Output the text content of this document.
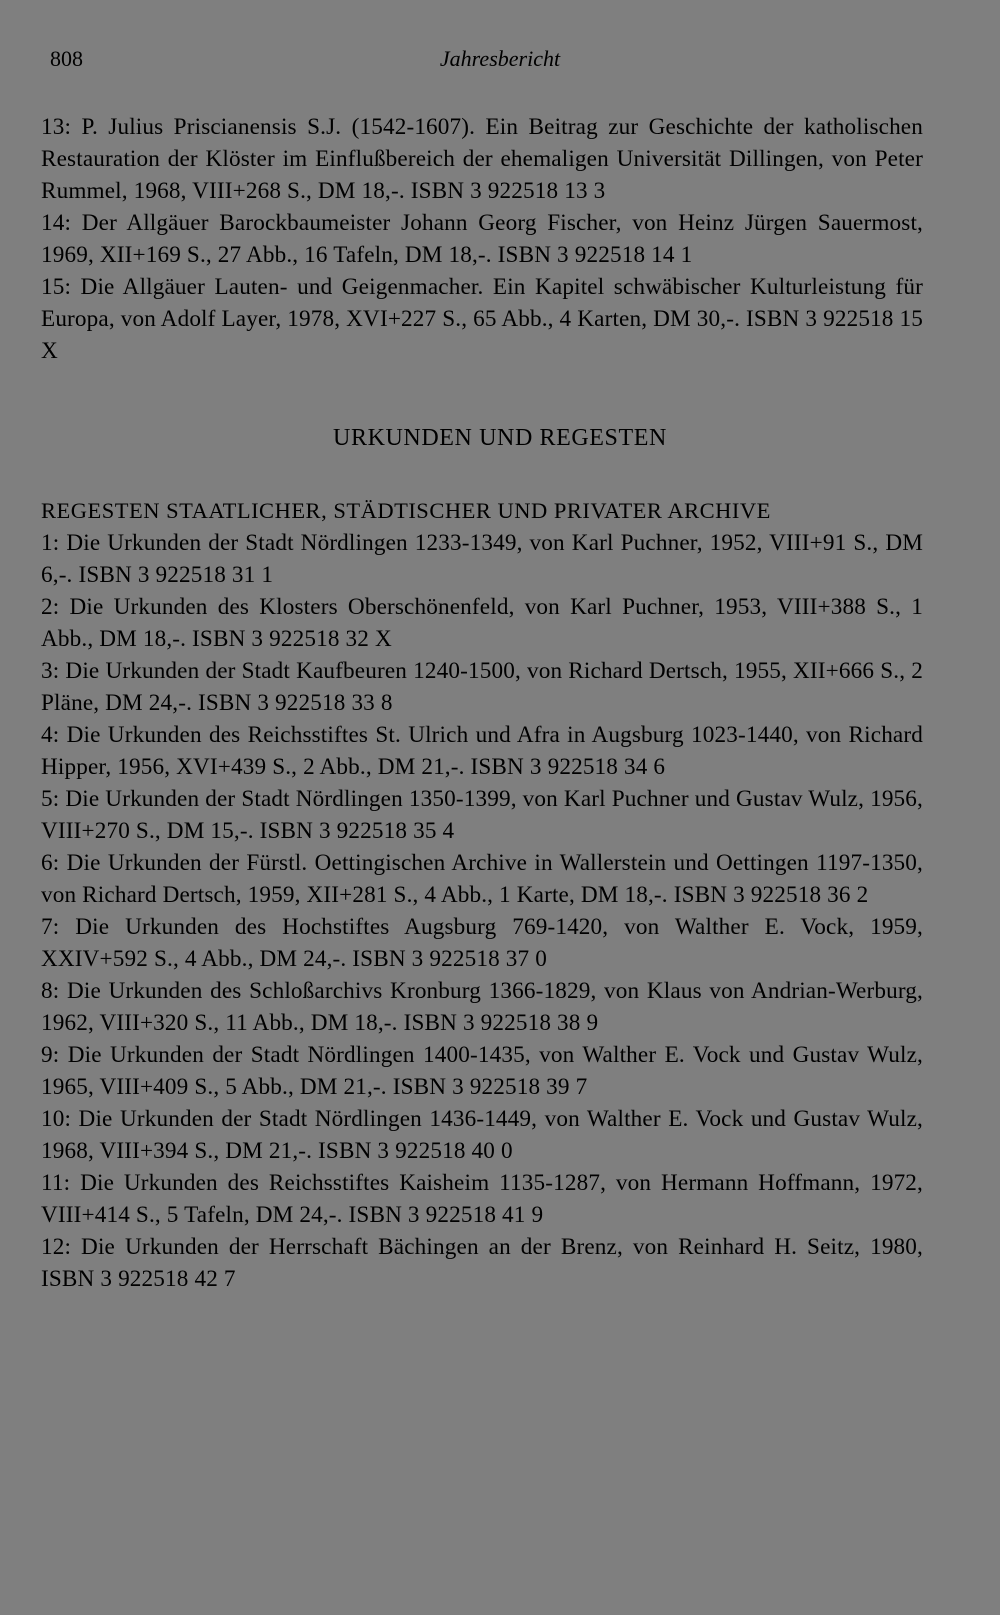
808	Jahresbericht

13: P. Julius Priscianensis S.J. (1542-1607). Ein Beitrag zur Geschichte der katholischen Restauration der Klöster im Einflußbereich der ehemaligen Universität Dillingen, von Peter Rummel, 1968, VIII+268 S., DM 18,-. ISBN 3 922518 13 3

14: Der Allgäuer Barockbaumeister Johann Georg Fischer, von Heinz Jürgen Sauermost, 1969, XII+169 S., 27 Abb., 16 Tafeln, DM 18,-. ISBN 3 922518 14 1

15: Die Allgäuer Lauten- und Geigenmacher. Ein Kapitel schwäbischer Kulturleistung für Europa, von Adolf Layer, 1978, XVI+227 S., 65 Abb., 4 Karten, DM 30,-. ISBN 3 922518 15 X

URKUNDEN UND REGESTEN
REGESTEN STAATLICHER, STÄDTISCHER UND PRIVATER ARCHIVE

1: Die Urkunden der Stadt Nördlingen 1233-1349, von Karl Puchner, 1952, VIII+91 S., DM 6,-. ISBN 3 922518 31 1

2: Die Urkunden des Klosters Oberschönenfeld, von Karl Puchner, 1953, VIII+388 S., 1 Abb., DM 18,-. ISBN 3 922518 32 X

3: Die Urkunden der Stadt Kaufbeuren 1240-1500, von Richard Dertsch, 1955, XII+666 S., 2 Pläne, DM 24,-. ISBN 3 922518 33 8

4: Die Urkunden des Reichsstiftes St. Ulrich und Afra in Augsburg 1023-1440, von Richard Hipper, 1956, XVI+439 S., 2 Abb., DM 21,-. ISBN 3 922518 34 6

5: Die Urkunden der Stadt Nördlingen 1350-1399, von Karl Puchner und Gustav Wulz, 1956, VIII+270 S., DM 15,-. ISBN 3 922518 35 4

6: Die Urkunden der Fürstl. Oettingischen Archive in Wallerstein und Oettingen 1197-1350, von Richard Dertsch, 1959, XII+281 S., 4 Abb., 1 Karte, DM 18,-. ISBN 3 922518 36 2

7: Die Urkunden des Hochstiftes Augsburg 769-1420, von Walther E. Vock, 1959, XXIV+592 S., 4 Abb., DM 24,-. ISBN 3 922518 37 0

8: Die Urkunden des Schloßarchivs Kronburg 1366-1829, von Klaus von Andrian-Werburg, 1962, VIII+320 S., 11 Abb., DM 18,-. ISBN 3 922518 38 9

9: Die Urkunden der Stadt Nördlingen 1400-1435, von Walther E. Vock und Gustav Wulz, 1965, VIII+409 S., 5 Abb., DM 21,-. ISBN 3 922518 39 7

10: Die Urkunden der Stadt Nördlingen 1436-1449, von Walther E. Vock und Gustav Wulz, 1968, VIII+394 S., DM 21,-. ISBN 3 922518 40 0

11: Die Urkunden des Reichsstiftes Kaisheim 1135-1287, von Hermann Hoffmann, 1972, VIII+414 S., 5 Tafeln, DM 24,-. ISBN 3 922518 41 9

12: Die Urkunden der Herrschaft Bächingen an der Brenz, von Reinhard H. Seitz, 1980, ISBN 3 922518 42 7
